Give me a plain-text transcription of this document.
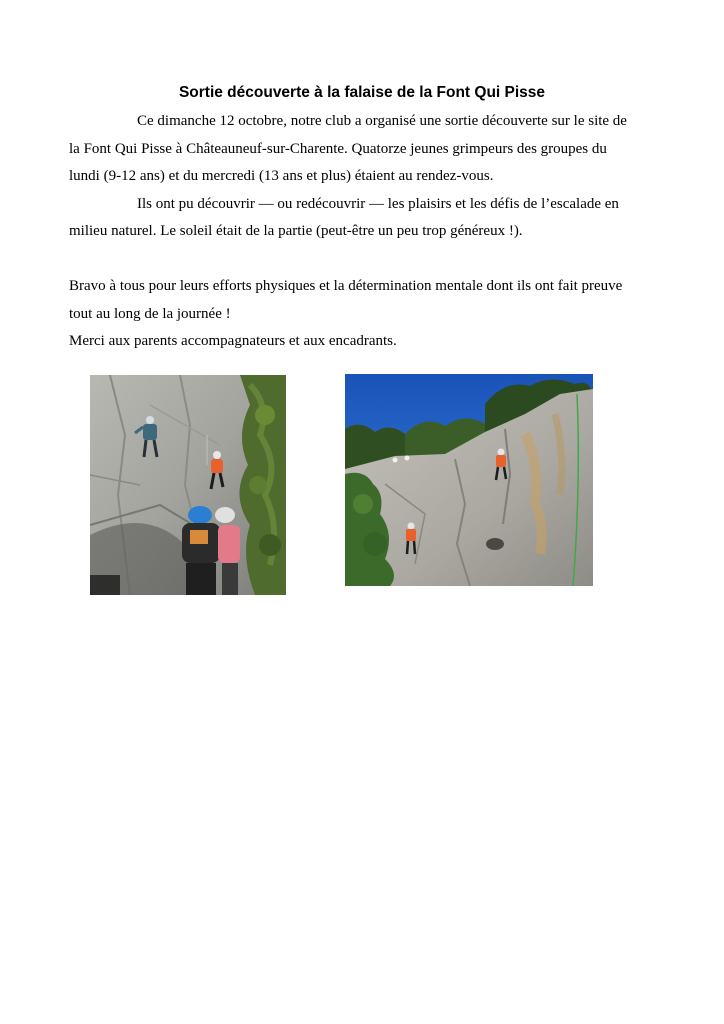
Sortie découverte à la falaise de la Font Qui Pisse
Ce dimanche 12 octobre, notre club a organisé une sortie découverte sur le site de
la Font Qui Pisse à Châteauneuf-sur-Charente. Quatorze jeunes grimpeurs des groupes du
lundi (9-12 ans) et du mercredi (13 ans et plus) étaient au rendez-vous.
Ils ont pu découvrir — ou redécouvrir — les plaisirs et les défis de l’escalade en
milieu naturel. Le soleil était de la partie (peut-être un peu trop généreux !).
Bravo à tous pour leurs efforts physiques et la détermination mentale dont ils ont fait preuve
tout au long de la journée !
Merci aux parents accompagnateurs et aux encadrants.
